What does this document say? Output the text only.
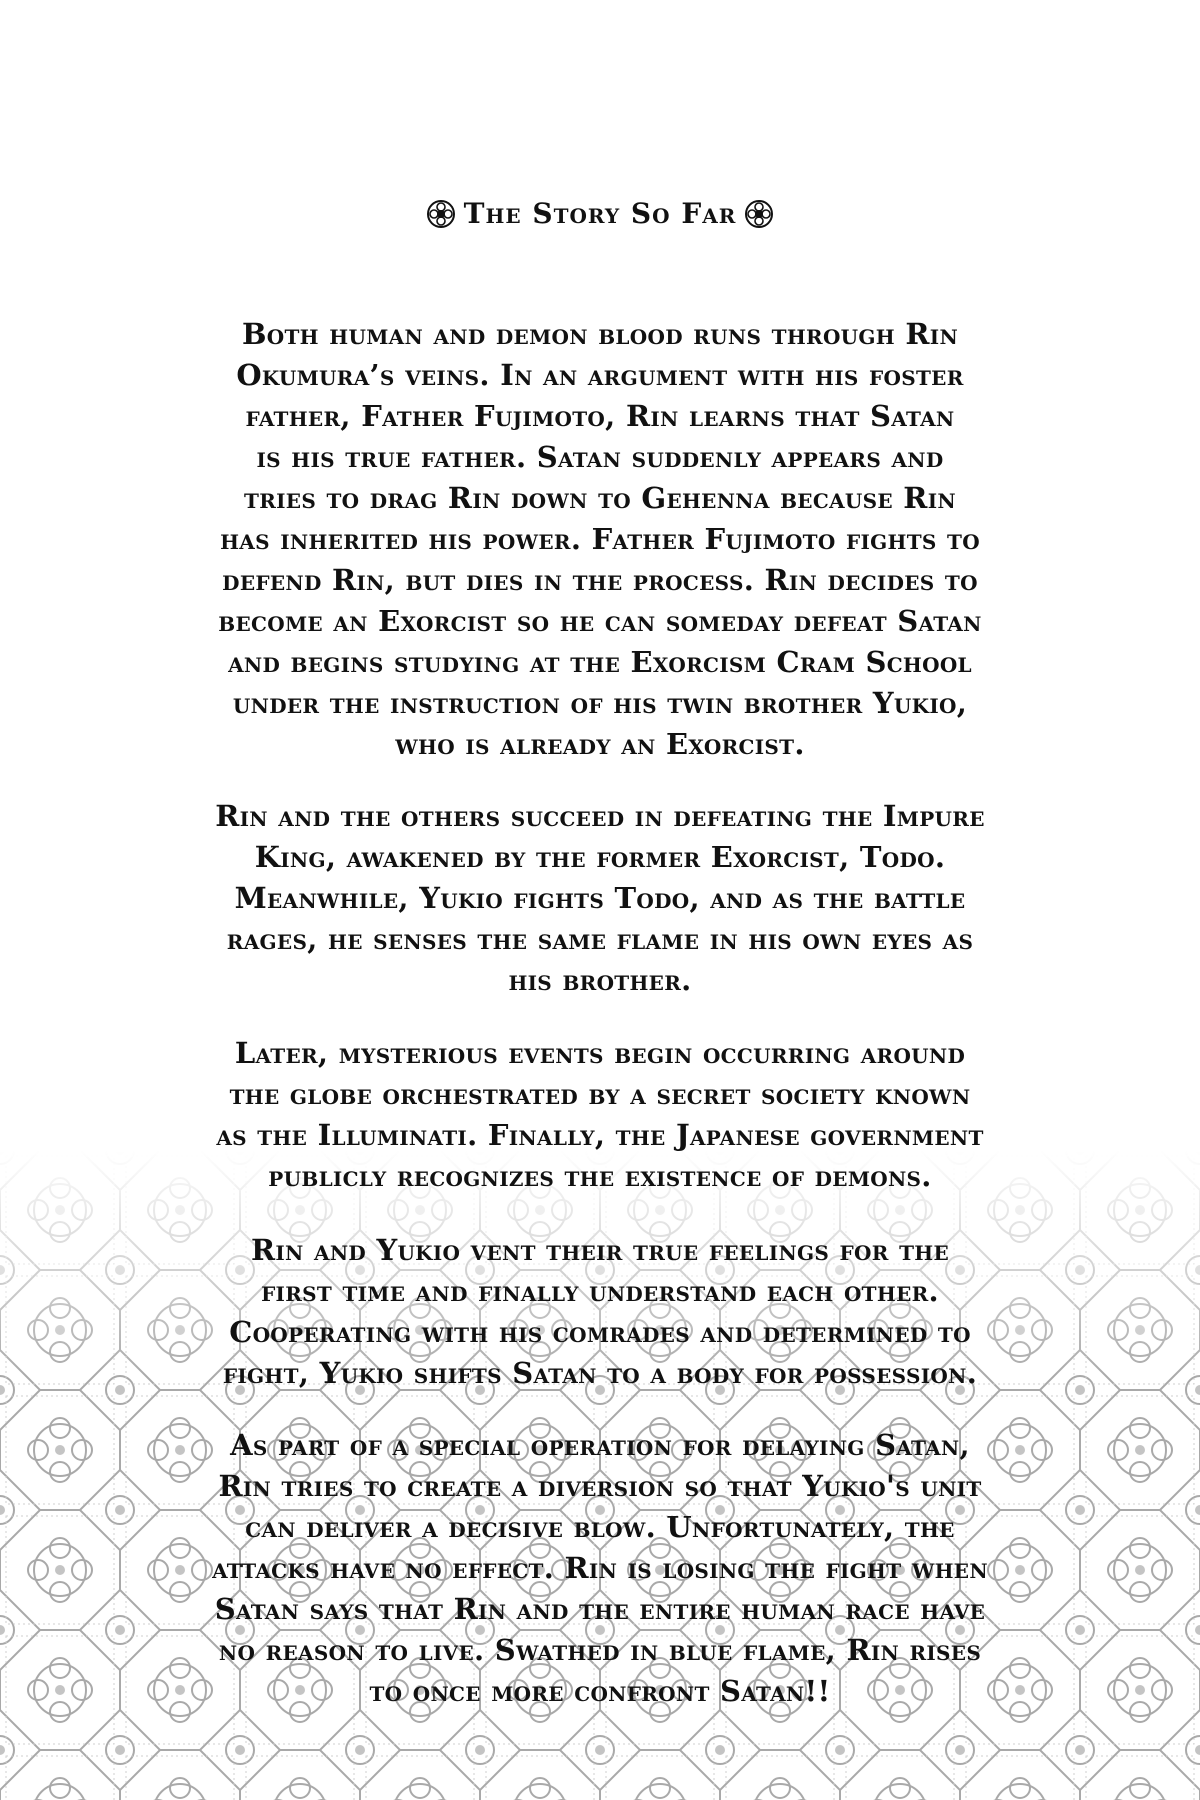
The Story So Far
Both human and demon blood runs through Rin
Okumura’s veins. In an argument with his foster
father, Father Fujimoto, Rin learns that Satan
is his true father. Satan suddenly appears and
tries to drag Rin down to Gehenna because Rin
has inherited his power. Father Fujimoto fights to
defend Rin, but dies in the process. Rin decides to
become an Exorcist so he can someday defeat Satan
and begins studying at the Exorcism Cram School
under the instruction of his twin brother Yukio,
who is already an Exorcist.
Rin and the others succeed in defeating the Impure
King, awakened by the former Exorcist, Todo.
Meanwhile, Yukio fights Todo, and as the battle
rages, he senses the same flame in his own eyes as
his brother.
Later, mysterious events begin occurring around
the globe orchestrated by a secret society known
as the Illuminati. Finally, the Japanese government
publicly recognizes the existence of demons.
Rin and Yukio vent their true feelings for the
first time and finally understand each other.
Cooperating with his comrades and determined to
fight, Yukio shifts Satan to a body for possession.
As part of a special operation for delaying Satan,
Rin tries to create a diversion so that Yukio's unit
can deliver a decisive blow. Unfortunately, the
attacks have no effect. Rin is losing the fight when
Satan says that Rin and the entire human race have
no reason to live. Swathed in blue flame, Rin rises
to once more confront Satan!!
